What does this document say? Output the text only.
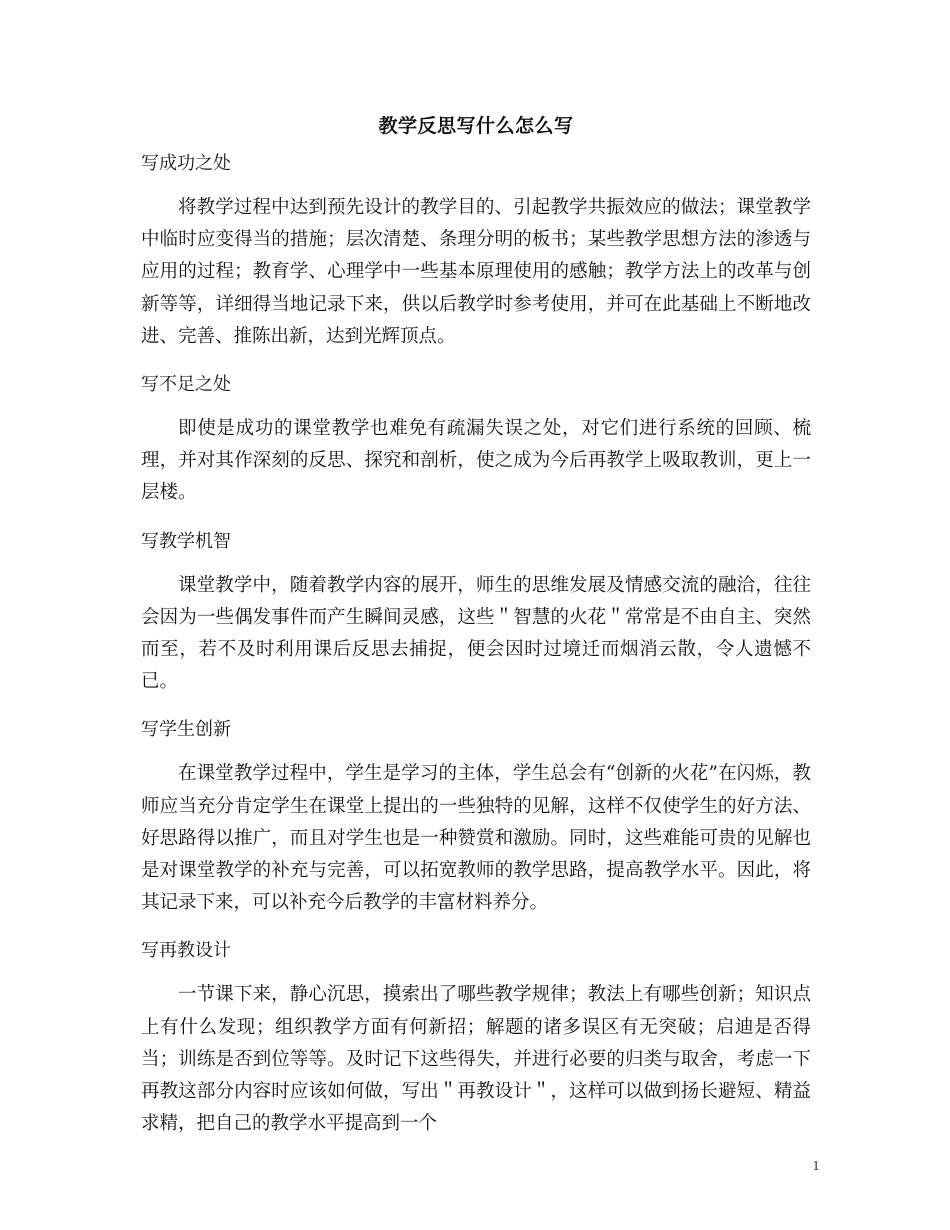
教学反思写什么怎么写
写成功之处

将教学过程中达到预先设计的教学目的、引起教学共振效应的做法；课堂教学中临时应变得当的措施；层次清楚、条理分明的板书；某些教学思想方法的渗透与应用的过程；教育学、心理学中一些基本原理使用的感触；教学方法上的改革与创新等等，详细得当地记录下来，供以后教学时参考使用，并可在此基础上不断地改进、完善、推陈出新，达到光辉顶点。

写不足之处

即使是成功的课堂教学也难免有疏漏失误之处，对它们进行系统的回顾、梳理，并对其作深刻的反思、探究和剖析，使之成为今后再教学上吸取教训，更上一层楼。

写教学机智

课堂教学中，随着教学内容的展开，师生的思维发展及情感交流的融洽，往往会因为一些偶发事件而产生瞬间灵感，这些＂智慧的火花＂常常是不由自主、突然而至，若不及时利用课后反思去捕捉，便会因时过境迁而烟消云散，令人遗憾不已。

写学生创新

在课堂教学过程中，学生是学习的主体，学生总会有“创新的火花”在闪烁，教师应当充分肯定学生在课堂上提出的一些独特的见解，这样不仅使学生的好方法、好思路得以推广，而且对学生也是一种赞赏和激励。同时，这些难能可贵的见解也是对课堂教学的补充与完善，可以拓宽教师的教学思路，提高教学水平。因此，将其记录下来，可以补充今后教学的丰富材料养分。

写再教设计

一节课下来，静心沉思，摸索出了哪些教学规律；教法上有哪些创新；知识点上有什么发现；组织教学方面有何新招；解题的诸多误区有无突破；启迪是否得当；训练是否到位等等。及时记下这些得失，并进行必要的归类与取舍，考虑一下再教这部分内容时应该如何做，写出＂再教设计＂，这样可以做到扬长避短、精益求精，把自己的教学水平提高到一个

1
